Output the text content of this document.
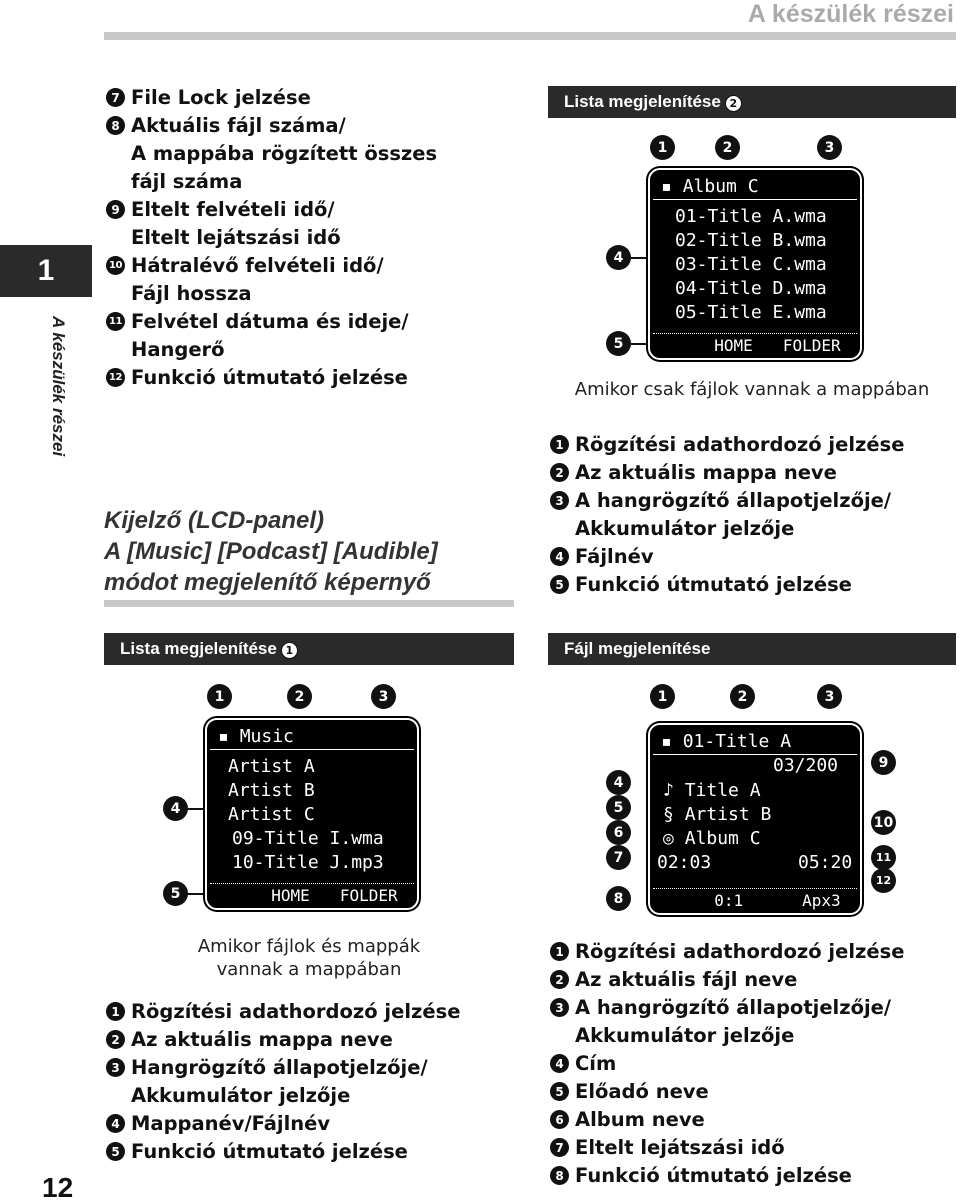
A készülék részei
1
A készülék részei
12
7 File Lock jelzése
8 Aktuális fájl száma/
A mappába rögzített összes
fájl száma
9 Eltelt felvételi idő/
Eltelt lejátszási idő
10 Hátralévő felvételi idő/
Fájl hossza
11 Felvétel dátuma és ideje/
Hangerő
12 Funkció útmutató jelzése
Kijelző (LCD-panel)
A [Music] [Podcast] [Audible]
módot megjelenítő képernyő
Lista megjelenítése 1
Lista megjelenítése 2
Fájl megjelenítése
1	2	3
4
5
▪ Album C
01-Title A.wma
02-Title B.wma
03-Title C.wma
04-Title D.wma
05-Title E.wma
HOME FOLDER
Amikor csak fájlok vannak a mappában
1 Rögzítési adathordozó jelzése
2 Az aktuális mappa neve
3 A hangrögzítő állapotjelzője/
Akkumulátor jelzője
4 Fájlnév
5 Funkció útmutató jelzése
1	2	3
4
5
▪ Music
Artist A
Artist B
Artist C
09-Title I.wma
10-Title J.mp3
HOME FOLDER
Amikor fájlok és mappák
vannak a mappában
1 Rögzítési adathordozó jelzése
2 Az aktuális mappa neve
3 Hangrögzítő állapotjelzője/
Akkumulátor jelzője
4 Mappanév/Fájlnév
5 Funkció útmutató jelzése
1	2	3
4
5
6
7
8
9
10
11
12
▪ 01-Title A
03/200
♪ Title A
§ Artist B
◎ Album C
02:03	05:20
0:1	Apx3
1 Rögzítési adathordozó jelzése
2 Az aktuális fájl neve
3 A hangrögzítő állapotjelzője/
Akkumulátor jelzője
4 Cím
5 Előadó neve
6 Album neve
7 Eltelt lejátszási idő
8 Funkció útmutató jelzése
